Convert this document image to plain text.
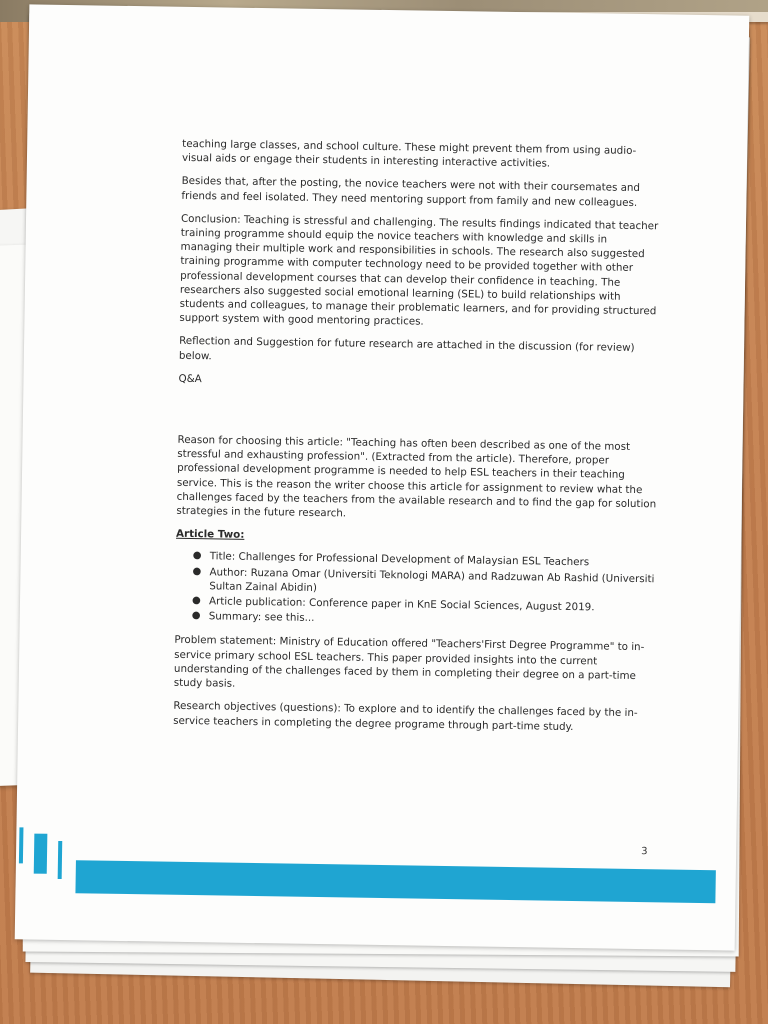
teaching large classes, and school culture. These might prevent them from using audio-visual aids or engage their students in interesting interactive activities.

Besides that, after the posting, the novice teachers were not with their coursemates and friends and feel isolated. They need mentoring support from family and new colleagues.

Conclusion: Teaching is stressful and challenging. The results findings indicated that teacher training programme should equip the novice teachers with knowledge and skills in managing their multiple work and responsibilities in schools. The research also suggested training programme with computer technology need to be provided together with other professional development courses that can develop their confidence in teaching. The researchers also suggested social emotional learning (SEL) to build relationships with students and colleagues, to manage their problematic learners, and for providing structured support system with good mentoring practices.

Reflection and Suggestion for future research are attached in the discussion (for review) below.

Q&A

Reason for choosing this article: "Teaching has often been described as one of the most stressful and exhausting profession". (Extracted from the article). Therefore, proper professional development programme is needed to help ESL teachers in their teaching service. This is the reason the writer choose this article for assignment to review what the challenges faced by the teachers from the available research and to find the gap for solution strategies in the future research.

Article Two:
● Title: Challenges for Professional Development of Malaysian ESL Teachers
● Author: Ruzana Omar (Universiti Teknologi MARA) and Radzuwan Ab Rashid (Universiti Sultan Zainal Abidin)
● Article publication: Conference paper in KnE Social Sciences, August 2019.
● Summary: see this...

Problem statement: Ministry of Education offered "Teachers'First Degree Programme" to in-service primary school ESL teachers. This paper provided insights into the current understanding of the challenges faced by them in completing their degree on a part-time study basis.

Research objectives (questions): To explore and to identify the challenges faced by the in-service teachers in completing the degree programe through part-time study.

3
